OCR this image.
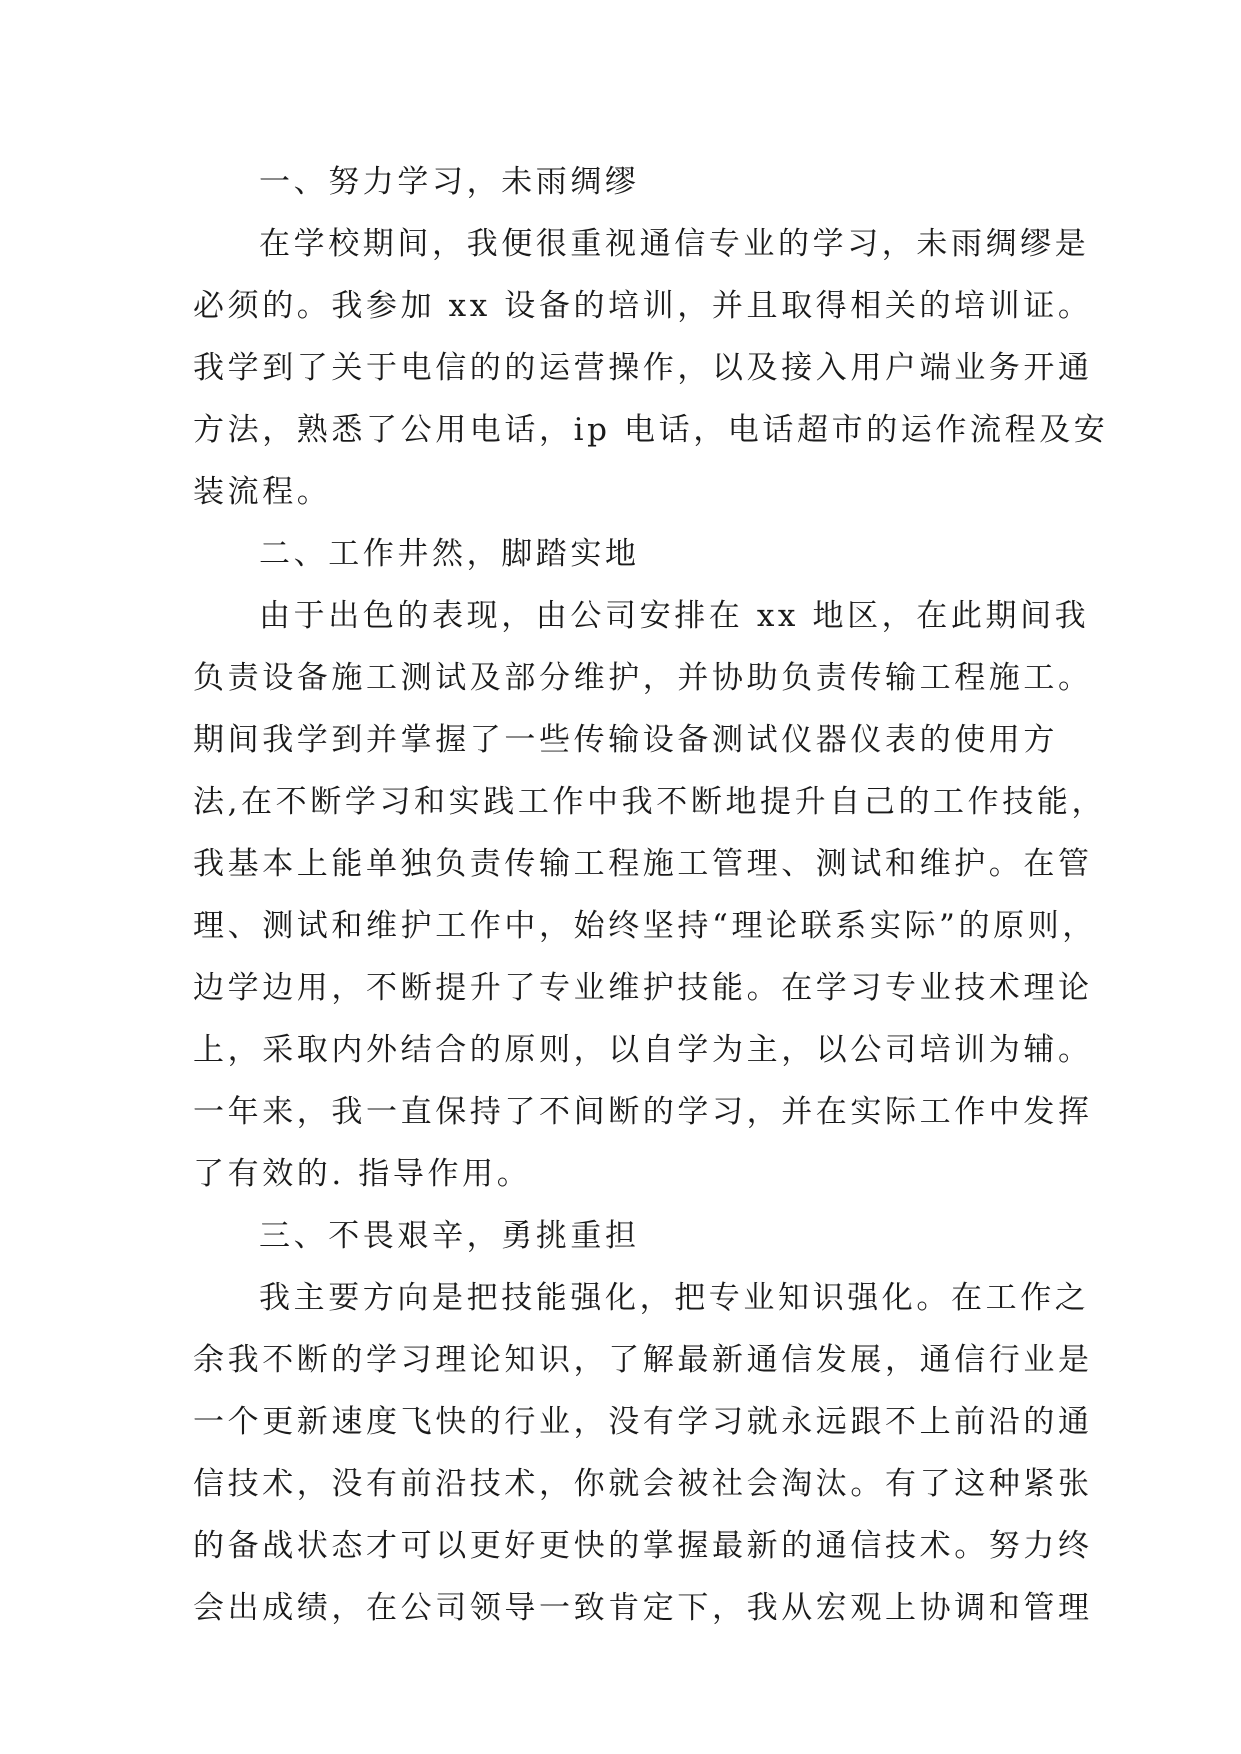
一、努力学习，未雨绸缪
在学校期间，我便很重视通信专业的学习，未雨绸缪是
必须的。我参加 xx 设备的培训，并且取得相关的培训证。
我学到了关于电信的的运营操作，以及接入用户端业务开通
方法，熟悉了公用电话，ip 电话，电话超市的运作流程及安
装流程。
二、工作井然，脚踏实地
由于出色的表现，由公司安排在 xx 地区，在此期间我
负责设备施工测试及部分维护，并协助负责传输工程施工。
期间我学到并掌握了一些传输设备测试仪器仪表的使用方
法,在不断学习和实践工作中我不断地提升自己的工作技能，
我基本上能单独负责传输工程施工管理、测试和维护。在管
理、测试和维护工作中，始终坚持“理论联系实际”的原则，
边学边用，不断提升了专业维护技能。在学习专业技术理论
上，采取内外结合的原则，以自学为主，以公司培训为辅。
一年来，我一直保持了不间断的学习，并在实际工作中发挥
了有效的. 指导作用。
三、不畏艰辛，勇挑重担
我主要方向是把技能强化，把专业知识强化。在工作之
余我不断的学习理论知识，了解最新通信发展，通信行业是
一个更新速度飞快的行业，没有学习就永远跟不上前沿的通
信技术，没有前沿技术，你就会被社会淘汰。有了这种紧张
的备战状态才可以更好更快的掌握最新的通信技术。努力终
会出成绩，在公司领导一致肯定下，我从宏观上协调和管理
